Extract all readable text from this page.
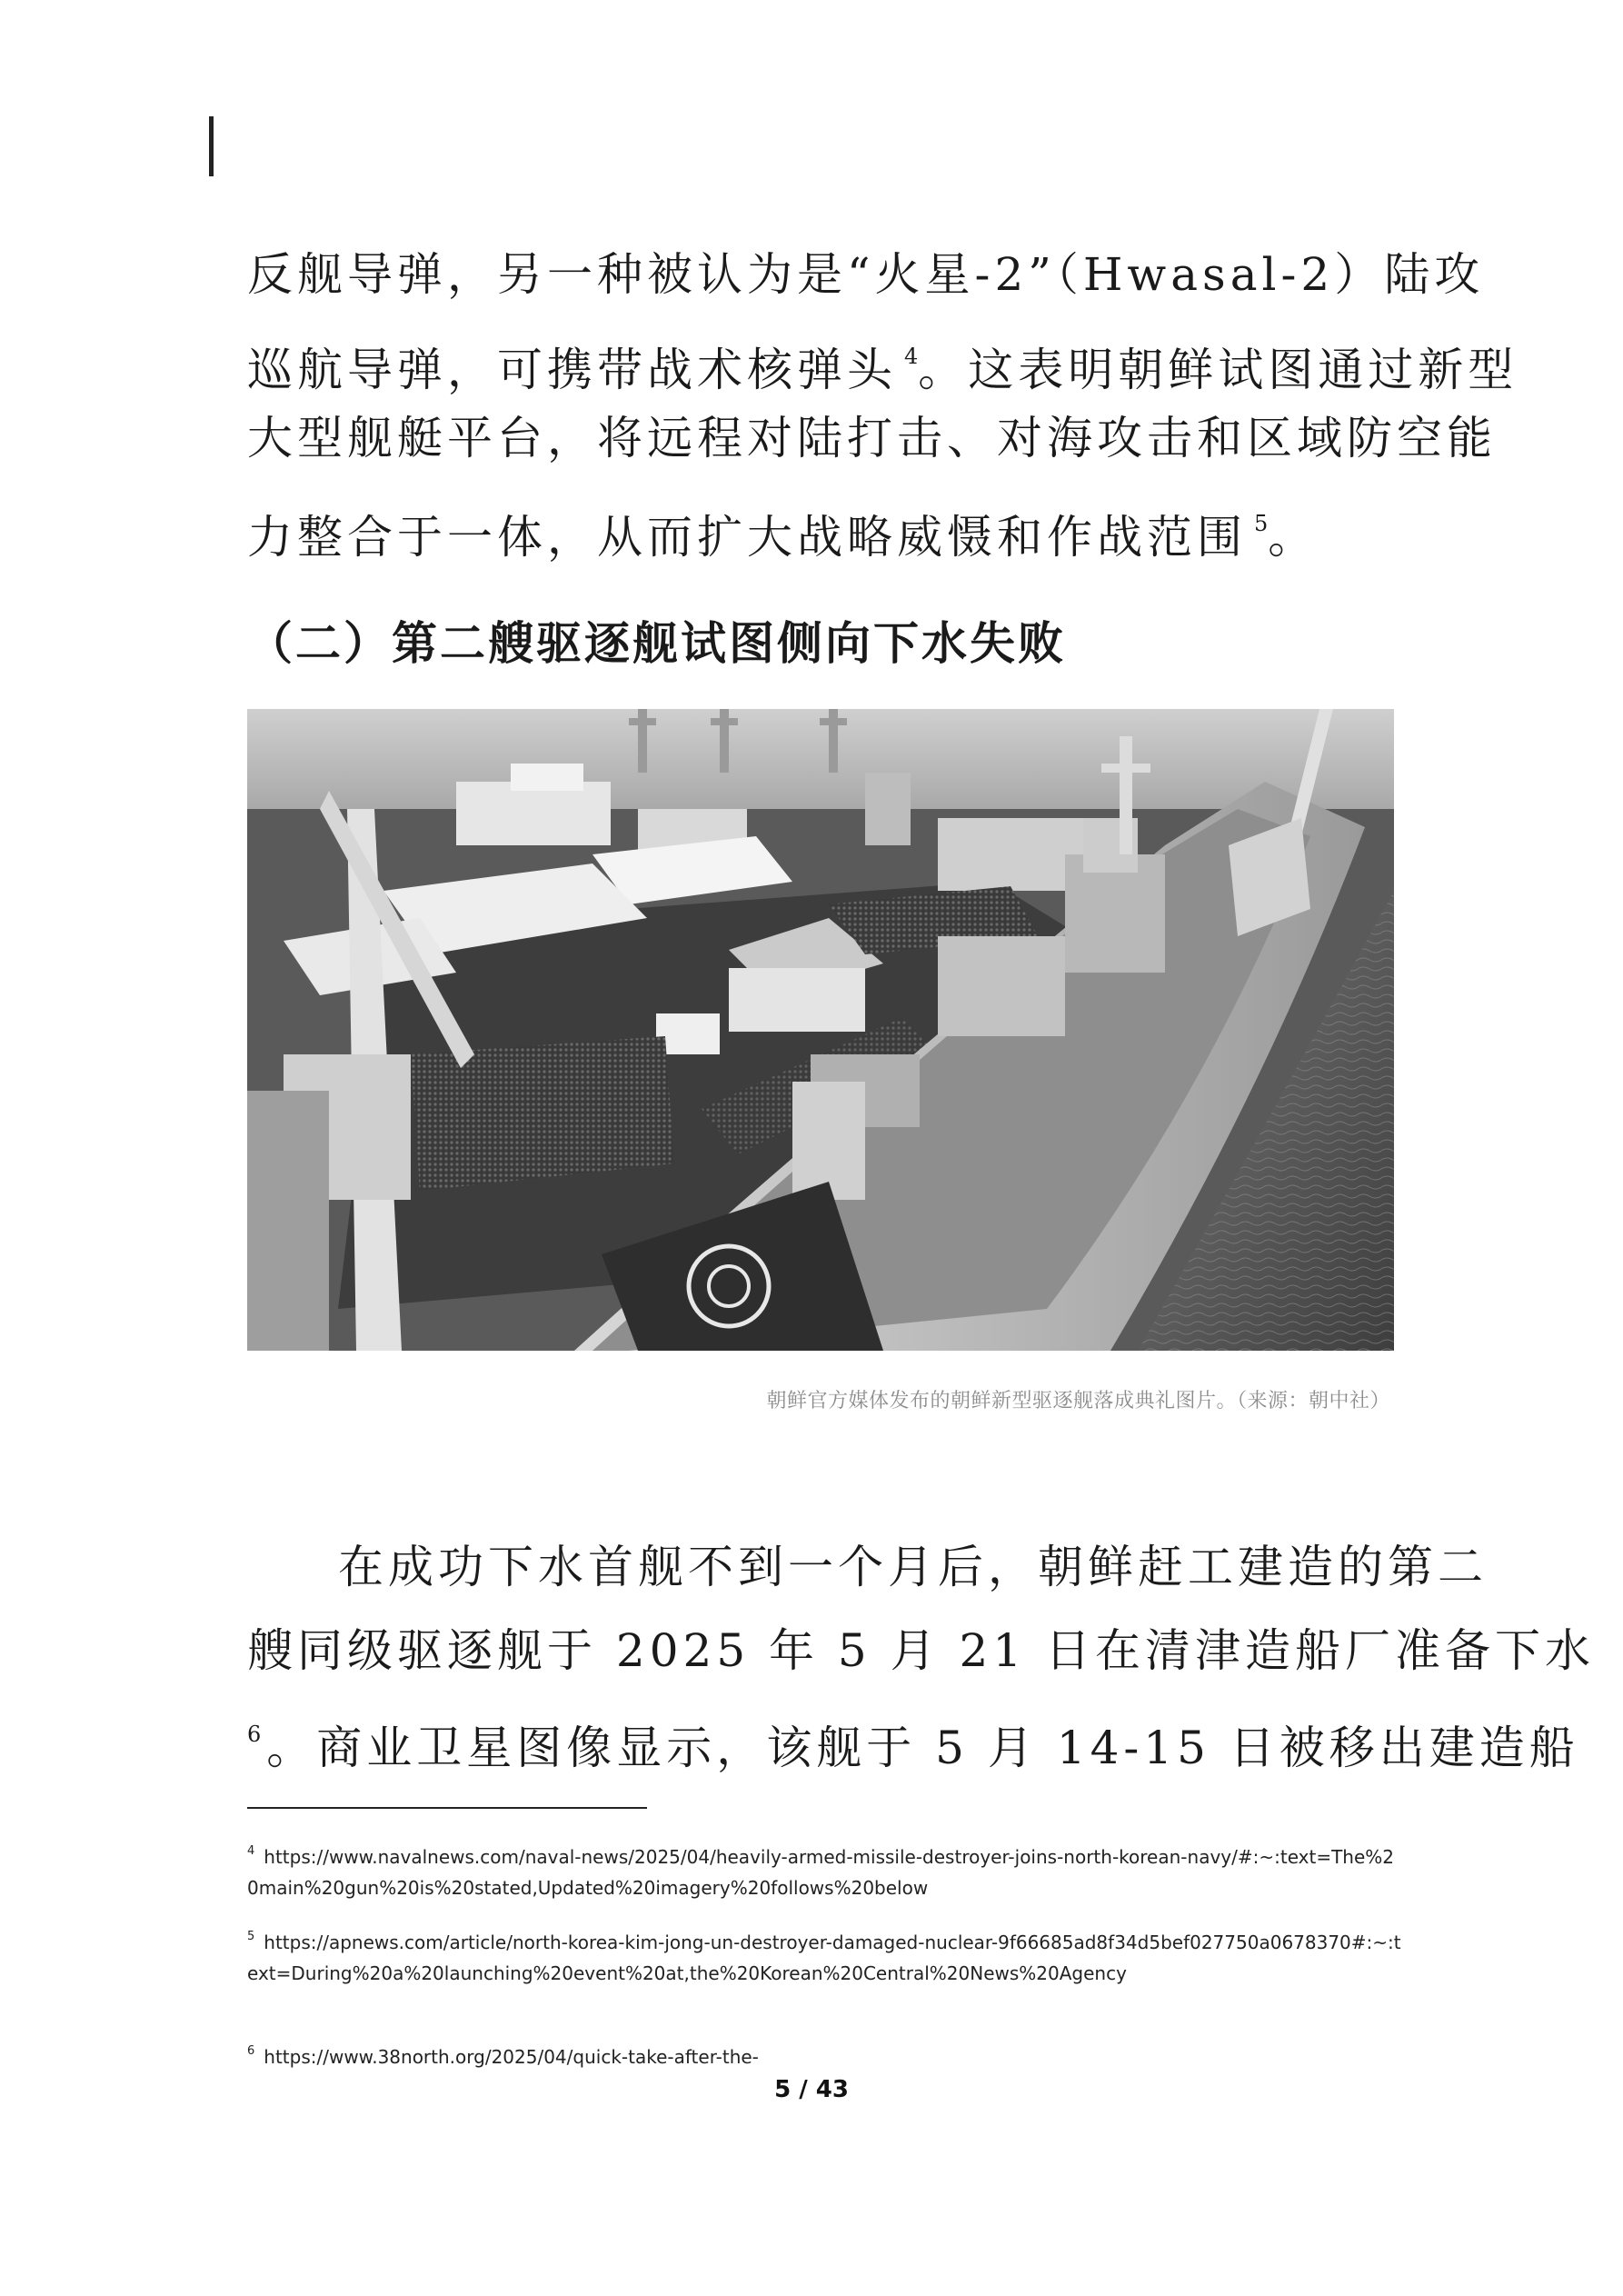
反舰导弹，另一种被认为是“火星-2”（Hwasal-2）陆攻
巡航导弹，可携带战术核弹头 $^4$。这表明朝鲜试图通过新型
大型舰艇平台，将远程对陆打击、对海攻击和区域防空能
力整合于一体，从而扩大战略威慑和作战范围 $^5$。
（二）第二艘驱逐舰试图侧向下水失败
朝鲜官方媒体发布的朝鲜新型驱逐舰落成典礼图片。（来源：朝中社）
在成功下水首舰不到一个月后，朝鲜赶工建造的第二
艘同级驱逐舰于 2025 年 5 月 21 日在清津造船厂准备下水
$^6$ 。商业卫星图像显示，该舰于 5 月 14-15 日被移出建造船
$^4$ https://www.navalnews.com/naval-news/2025/04/heavily-armed-missile-destroyer-joins-north-korean-navy/#:~:text=The%20main%20gun%20is%20stated,Updated%20imagery%20follows%20below
$^5$ https://apnews.com/article/north-korea-kim-jong-un-destroyer-damaged-nuclear-9f66685ad8f34d5bef027750a0678370#:~:text=During%20a%20launching%20event%20at,the%20Korean%20Central%20News%20Agency
$^6$ https://www.38north.org/2025/04/quick-take-after-the-
5 / 43
